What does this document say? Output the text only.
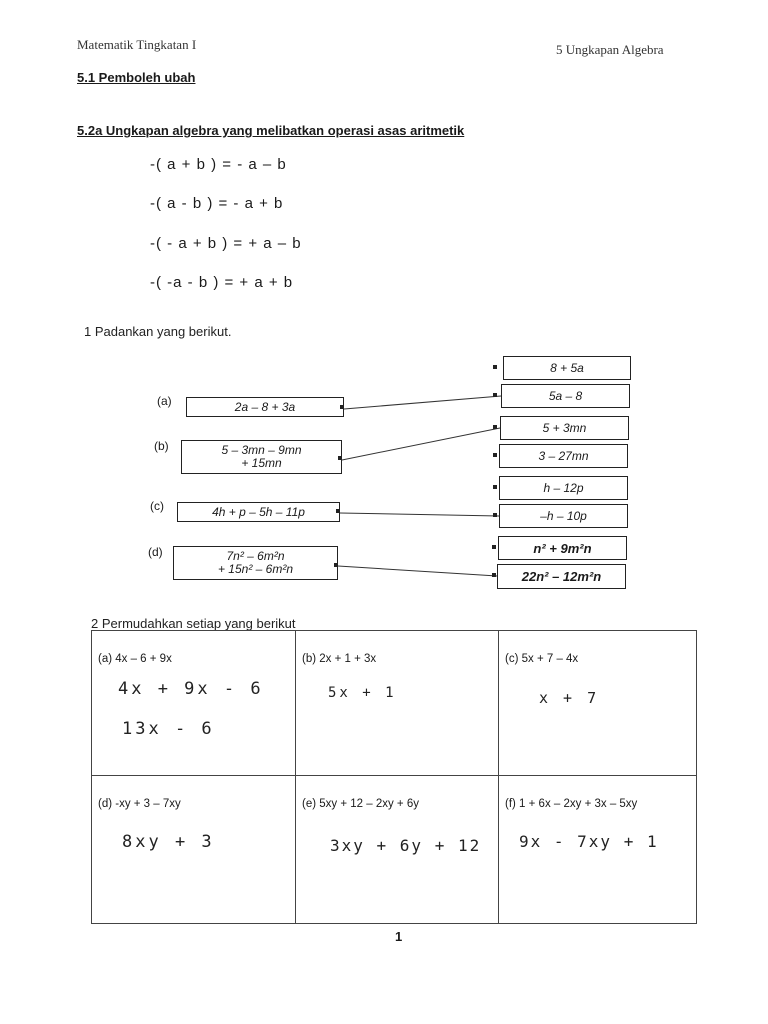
Matematik Tingkatan I	5 Ungkapan Algebra
5.1 Pemboleh ubah
5.2a Ungkapan algebra yang melibatkan operasi asas aritmetik
-( a + b ) = - a – b
-( a - b ) = - a + b
-( - a + b ) = + a – b
-( -a - b ) = + a + b
1 Padankan yang berikut.
(a)
(b)
(c)
(d)
2a – 8 + 3a
5 – 3mn – 9mn
+ 15mn
4h + p – 5h – 11p
7n² – 6m²n
+ 15n² – 6m²n
8 + 5a
5a – 8
5 + 3mn
3 – 27mn
h – 12p
–h – 10p
n² + 9m²n
22n² – 12m²n
2 Permudahkan setiap yang berikut
(a) 4x – 6 + 9x
4x + 9x - 6
13x - 6
(b) 2x + 1 + 3x
5x + 1
(c) 5x + 7 – 4x
x + 7
(d) -xy + 3 – 7xy
8xy + 3
(e) 5xy + 12 – 2xy + 6y
3xy + 6y + 12
(f) 1 + 6x – 2xy + 3x – 5xy
9x - 7xy + 1
1
